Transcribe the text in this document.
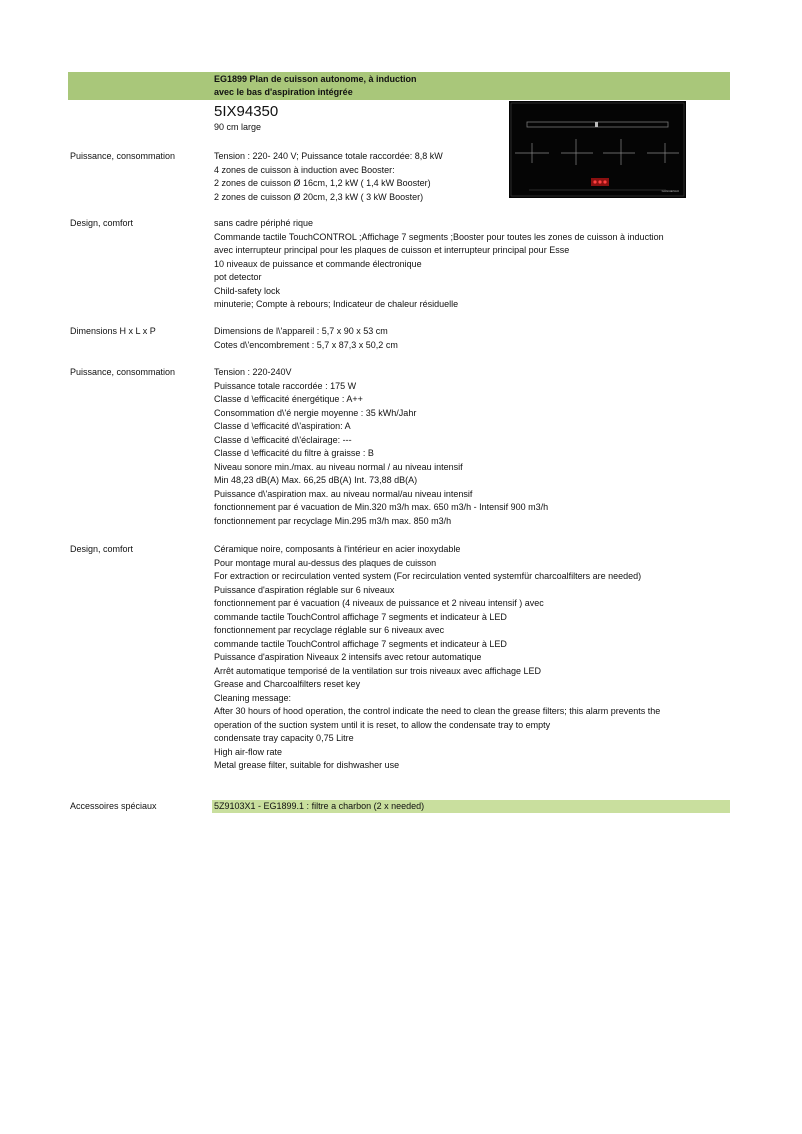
EG1899 Plan de cuisson autonome, à induction
avec le bas d'aspiration intégrée
5IX94350
90 cm large
GAGGENAU
Puissance, consommation	Tension : 220- 240 V; Puissance totale raccordée: 8,8 kW
4 zones de cuisson à induction avec Booster:
2 zones de cuisson Ø 16cm, 1,2 kW ( 1,4 kW Booster)
2 zones de cuisson Ø 20cm, 2,3 kW ( 3 kW Booster)
Design, comfort	sans cadre périphé rique
Commande tactile TouchCONTROL ;Affichage 7 segments ;Booster pour toutes les zones de cuisson à induction
avec interrupteur principal pour les plaques de cuisson et interrupteur principal pour Esse
10 niveaux de puissance et commande électronique
pot detector
Child-safety lock
minuterie; Compte à rebours; Indicateur de chaleur résiduelle
Dimensions H x L x P	Dimensions de l\'appareil : 5,7 x 90 x 53 cm
Cotes d\'encombrement : 5,7 x 87,3 x 50,2 cm
Puissance, consommation	Tension : 220-240V
Puissance totale raccordée : 175 W
Classe d \efficacité énergétique : A++
Consommation d\'é nergie moyenne : 35 kWh/Jahr
Classe d \efficacité d\'aspiration: A
Classe d \efficacité d\'éclairage: ---
Classe d \efficacité du filtre à graisse : B
Niveau sonore min./max. au niveau normal / au niveau intensif
Min 48,23 dB(A) Max. 66,25 dB(A) Int. 73,88 dB(A)
Puissance d\'aspiration max. au niveau normal/au niveau intensif
fonctionnement par é vacuation de Min.320 m3/h max. 650 m3/h - Intensif 900 m3/h
fonctionnement par recyclage Min.295 m3/h max. 850 m3/h
Design, comfort	Céramique noire, composants à l'intérieur en acier inoxydable
Pour montage mural au-dessus des plaques de cuisson
For extraction or recirculation vented system (For recirculation vented systemfür charcoalfilters are needed)
Puissance d'aspiration réglable sur 6 niveaux
fonctionnement par é vacuation (4 niveaux de puissance et 2 niveau intensif ) avec
commande tactile TouchControl affichage 7 segments et indicateur à LED
fonctionnement par recyclage réglable sur 6 niveaux avec
commande tactile TouchControl affichage 7 segments et indicateur à LED
Puissance d'aspiration Niveaux 2 intensifs avec retour automatique
Arrêt automatique temporisé de la ventilation sur trois niveaux avec affichage LED
Grease and Charcoalfilters reset key
Cleaning message:
After 30 hours of hood operation, the control indicate the need to clean the grease filters; this alarm prevents the
operation of the suction system until it is reset, to allow the condensate tray to empty
condensate tray capacity 0,75 Litre
High air-flow rate
Metal grease filter, suitable for dishwasher use
Accessoires spéciaux	5Z9103X1 - EG1899.1 : filtre a charbon (2 x needed)
